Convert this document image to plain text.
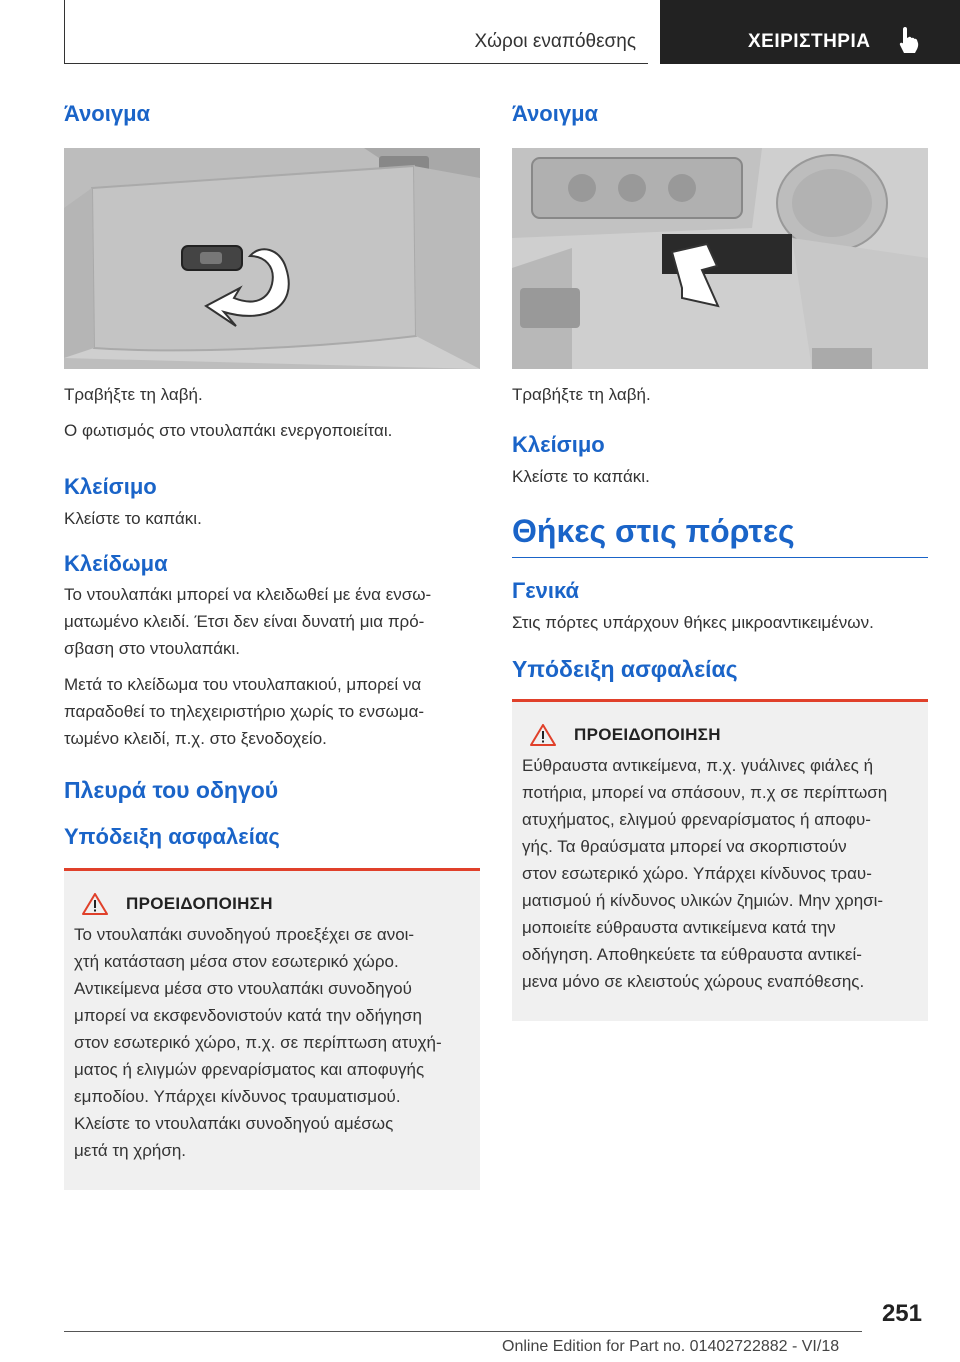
Χώροι εναπόθεσης	ΧΕΙΡΙΣΤΗΡΙΑ
Άνοιγμα
Τραβήξτε τη λαβή.
Ο φωτισμός στο ντουλαπάκι ενεργοποιείται.
Κλείσιμο
Κλείστε το καπάκι.
Κλείδωμα
Το ντουλαπάκι μπορεί να κλειδωθεί με ένα ενσω-
ματωμένο κλειδί. Έτσι δεν είναι δυνατή μια πρό-
σβαση στο ντουλαπάκι.
Μετά το κλείδωμα του ντουλαπακιού, μπορεί να
παραδοθεί το τηλεχειριστήριο χωρίς το ενσωμα-
τωμένο κλειδί, π.χ. στο ξενοδοχείο.
Πλευρά του οδηγού
Υπόδειξη ασφαλείας
ΠΡΟΕΙΔΟΠΟΙΗΣΗ
Το ντουλαπάκι συνοδηγού προεξέχει σε ανοι-
χτή κατάσταση μέσα στον εσωτερικό χώρο.
Αντικείμενα μέσα στο ντουλαπάκι συνοδηγού
μπορεί να εκσφενδονιστούν κατά την οδήγηση
στον εσωτερικό χώρο, π.χ. σε περίπτωση ατυχή-
ματος ή ελιγμών φρεναρίσματος και αποφυγής
εμποδίου. Υπάρχει κίνδυνος τραυματισμού.
Κλείστε το ντουλαπάκι συνοδηγού αμέσως
μετά τη χρήση.
Άνοιγμα
Τραβήξτε τη λαβή.
Κλείσιμο
Κλείστε το καπάκι.
Θήκες στις πόρτες
Γενικά
Στις πόρτες υπάρχουν θήκες μικροαντικειμένων.
Υπόδειξη ασφαλείας
ΠΡΟΕΙΔΟΠΟΙΗΣΗ
Εύθραυστα αντικείμενα, π.χ. γυάλινες φιάλες ή
ποτήρια, μπορεί να σπάσουν, π.χ σε περίπτωση
ατυχήματος, ελιγμού φρεναρίσματος ή αποφυ-
γής. Τα θραύσματα μπορεί να σκορπιστούν
στον εσωτερικό χώρο. Υπάρχει κίνδυνος τραυ-
ματισμού ή κίνδυνος υλικών ζημιών. Μην χρησι-
μοποιείτε εύθραυστα αντικείμενα κατά την
οδήγηση. Αποθηκεύετε τα εύθραυστα αντικεί-
μενα μόνο σε κλειστούς χώρους εναπόθεσης.
251
Online Edition for Part no. 01402722882 - VI/18
